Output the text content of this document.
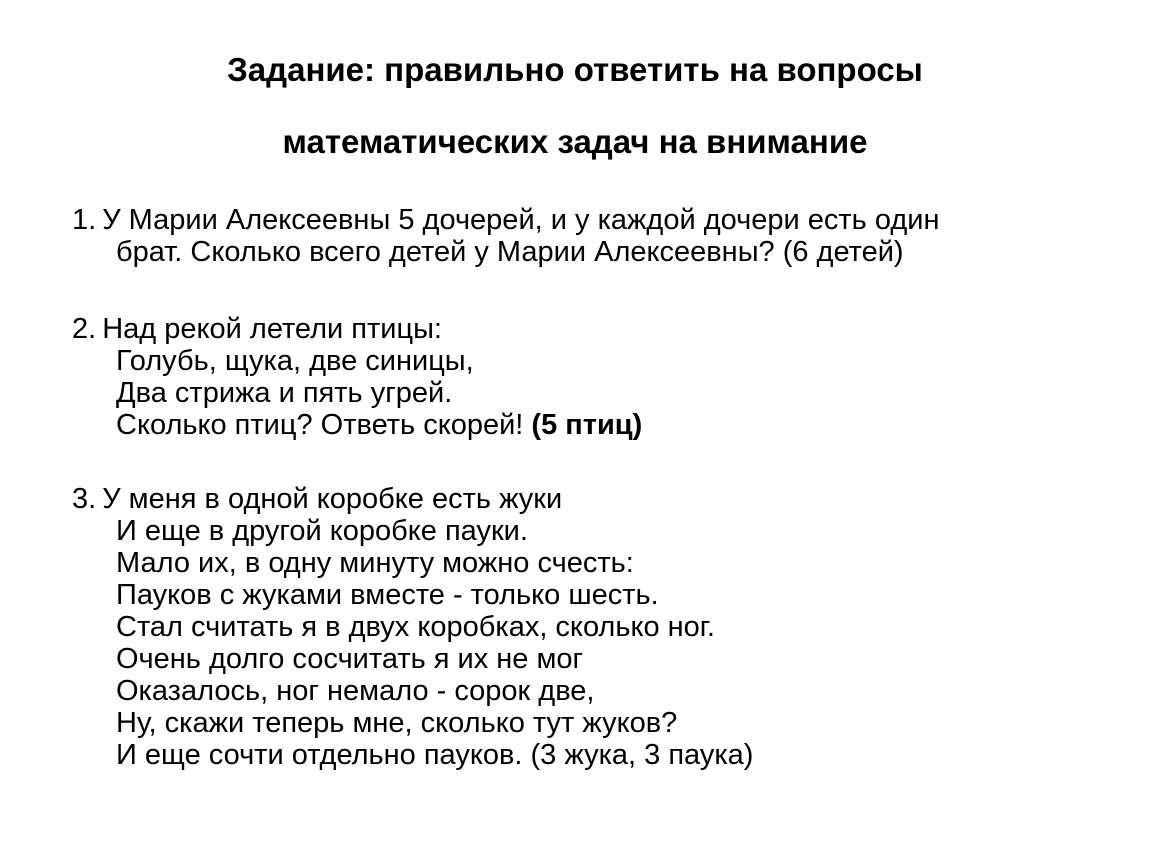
Задание: правильно ответить на вопросы
математических задач на внимание
1. У Марии Алексеевны 5 дочерей, и у каждой дочери есть один
брат. Сколько всего детей у Марии Алексеевны? (6 детей)
2. Над рекой летели птицы:
Голубь, щука, две синицы,
Два стрижа и пять угрей.
Сколько птиц? Ответь скорей! (5 птиц)
3. У меня в одной коробке есть жуки
И еще в другой коробке пауки.
Мало их, в одну минуту можно счесть:
Пауков с жуками вместе - только шесть.
Стал считать я в двух коробках, сколько ног.
Очень долго сосчитать я их не мог
Оказалось, ног немало - сорок две,
Ну, скажи теперь мне, сколько тут жуков?
И еще сочти отдельно пауков. (3 жука, 3 паука)
